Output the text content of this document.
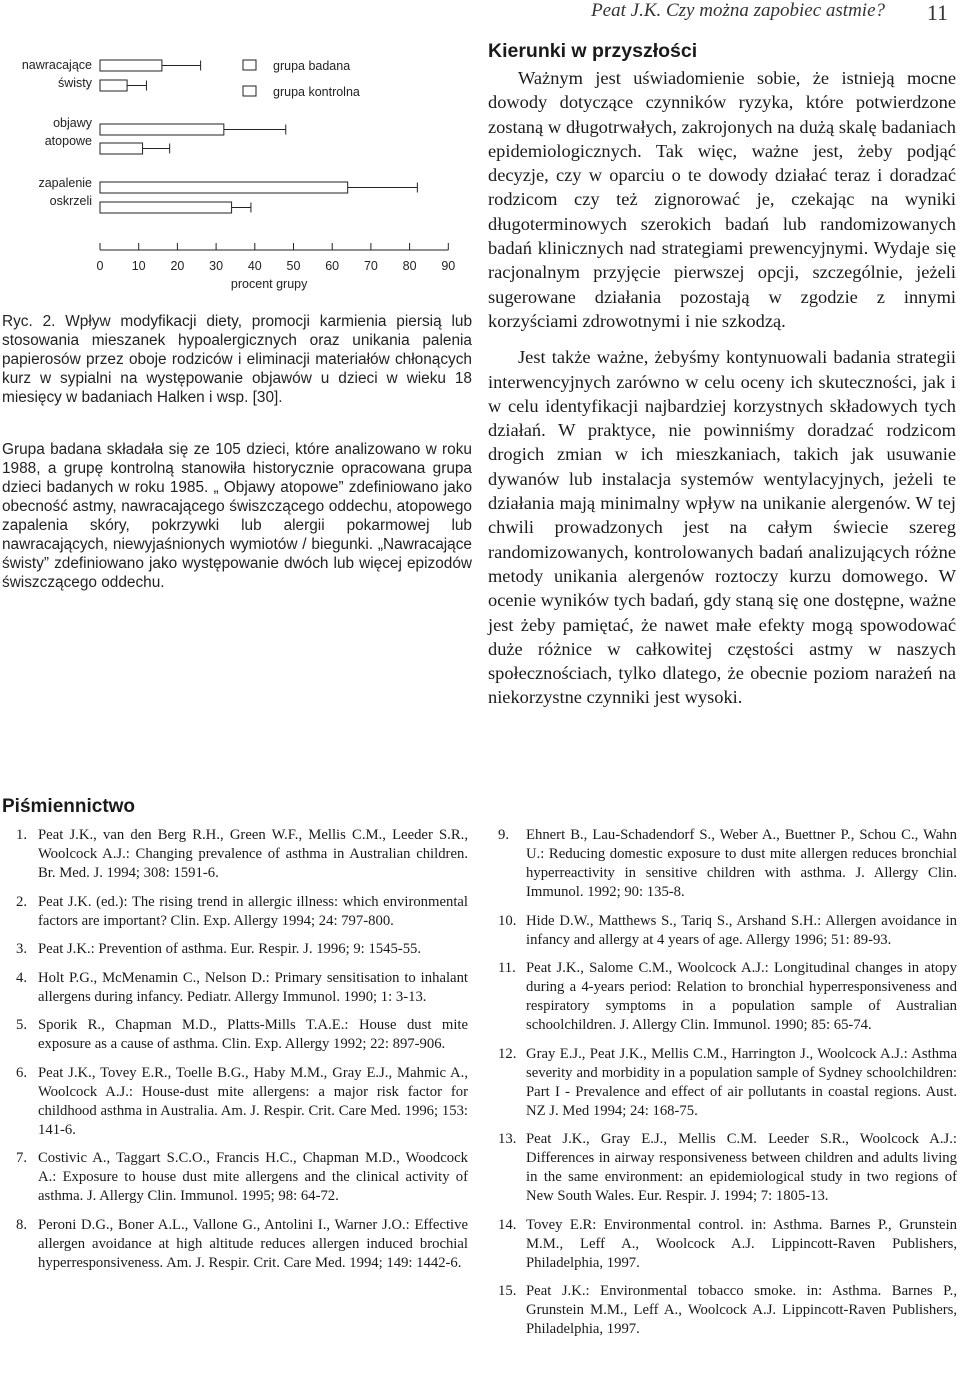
Peat J.K. Czy można zapobiec astmie? 11
0 10 20 30 40 50 60 70 80 90
procent grupy
nawracające świsty
objawy atopowe
zapalenie oskrzeli
grupa badana
grupa kontrolna
Ryc. 2. Wpływ modyfikacji diety, promocji karmienia piersią lub stosowania mieszanek hypoalergicznych oraz unikania palenia papierosów przez oboje rodziców i eliminacji materiałów chłonących kurz w sypialni na występowanie objawów u dzieci w wieku 18 miesięcy w badaniach Halken i wsp. [30].
Grupa badana składała się ze 105 dzieci, które analizowano w roku 1988, a grupę kontrolną stanowiła historycznie opracowana grupa dzieci badanych w roku 1985. „ Objawy atopowe” zdefiniowano jako obecność astmy, nawracającego świszczącego oddechu, atopowego zapalenia skóry, pokrzywki lub alergii pokarmowej lub nawracających, niewyjaśnionych wymiotów / biegunki. „Nawracające świsty” zdefiniowano jako występowanie dwóch lub więcej epizodów świszczącego oddechu.
Kierunki w przyszłości

Ważnym jest uświadomienie sobie, że istnieją mocne dowody dotyczące czynników ryzyka, które potwierdzone zostaną w długotrwałych, zakrojonych na dużą skalę badaniach epidemiologicznych. Tak więc, ważne jest, żeby podjąć decyzje, czy w oparciu o te dowody działać teraz i doradzać rodzicom czy też zignorować je, czekając na wyniki długoterminowych szerokich badań lub randomizowanych badań klinicznych nad strategiami prewencyjnymi. Wydaje się racjonalnym przyjęcie pierwszej opcji, szczególnie, jeżeli sugerowane działania pozostają w zgodzie z innymi korzyściami zdrowotnymi i nie szkodzą.

Jest także ważne, żebyśmy kontynuowali badania strategii interwencyjnych zarówno w celu oceny ich skuteczności, jak i w celu identyfikacji najbardziej korzystnych składowych tych działań. W praktyce, nie powinniśmy doradzać rodzicom drogich zmian w ich mieszkaniach, takich jak usuwanie dywanów lub instalacja systemów wentylacyjnych, jeżeli te działania mają minimalny wpływ na unikanie alergenów. W tej chwili prowadzonych jest na całym świecie szereg randomizowanych, kontrolowanych badań analizujących różne metody unikania alergenów roztoczy kurzu domowego. W ocenie wyników tych badań, gdy staną się one dostępne, ważne jest żeby pamiętać, że nawet małe efekty mogą spowodować duże różnice w całkowitej częstości astmy w naszych społecznościach, tylko dlatego, że obecnie poziom narażeń na niekorzystne czynniki jest wysoki.

Piśmiennictwo
1. Peat J.K., van den Berg R.H., Green W.F., Mellis C.M., Leeder S.R., Woolcock A.J.: Changing prevalence of asthma in Australian children. Br. Med. J. 1994; 308: 1591-6.
2. Peat J.K. (ed.): The rising trend in allergic illness: which environmental factors are important? Clin. Exp. Allergy 1994; 24: 797-800.
3. Peat J.K.: Prevention of asthma. Eur. Respir. J. 1996; 9: 1545-55.
4. Holt P.G., McMenamin C., Nelson D.: Primary sensitisation to inhalant allergens during infancy. Pediatr. Allergy Immunol. 1990; 1: 3-13.
5. Sporik R., Chapman M.D., Platts-Mills T.A.E.: House dust mite exposure as a cause of asthma. Clin. Exp. Allergy 1992; 22: 897-906.
6. Peat J.K., Tovey E.R., Toelle B.G., Haby M.M., Gray E.J., Mahmic A., Woolcock A.J.: House-dust mite allergens: a major risk factor for childhood asthma in Australia. Am. J. Respir. Crit. Care Med. 1996; 153: 141-6.
7. Costivic A., Taggart S.C.O., Francis H.C., Chapman M.D., Woodcock A.: Exposure to house dust mite allergens and the clinical activity of asthma. J. Allergy Clin. Immunol. 1995; 98: 64-72.
8. Peroni D.G., Boner A.L., Vallone G., Antolini I., Warner J.O.: Effective allergen avoidance at high altitude reduces allergen induced brochial hyperresponsiveness. Am. J. Respir. Crit. Care Med. 1994; 149: 1442-6.
9. Ehnert B., Lau-Schadendorf S., Weber A., Buettner P., Schou C., Wahn U.: Reducing domestic exposure to dust mite allergen reduces bronchial hyperreactivity in sensitive children with asthma. J. Allergy Clin. Immunol. 1992; 90: 135-8.
10. Hide D.W., Matthews S., Tariq S., Arshand S.H.: Allergen avoidance in infancy and allergy at 4 years of age. Allergy 1996; 51: 89-93.
11. Peat J.K., Salome C.M., Woolcock A.J.: Longitudinal changes in atopy during a 4-years period: Relation to bronchial hyperresponsiveness and respiratory symptoms in a population sample of Australian schoolchildren. J. Allergy Clin. Immunol. 1990; 85: 65-74.
12. Gray E.J., Peat J.K., Mellis C.M., Harrington J., Woolcock A.J.: Asthma severity and morbidity in a population sample of Sydney schoolchildren: Part I - Prevalence and effect of air pollutants in coastal regions. Aust. NZ J. Med 1994; 24: 168-75.
13. Peat J.K., Gray E.J., Mellis C.M. Leeder S.R., Woolcock A.J.: Differences in airway responsiveness between children and adults living in the same environment: an epidemiological study in two regions of New South Wales. Eur. Respir. J. 1994; 7: 1805-13.
14. Tovey E.R: Environmental control. in: Asthma. Barnes P., Grunstein M.M., Leff A., Woolcock A.J. Lippincott-Raven Publishers, Philadelphia, 1997.
15. Peat J.K.: Environmental tobacco smoke. in: Asthma. Barnes P., Grunstein M.M., Leff A., Woolcock A.J. Lippincott-Raven Publishers, Philadelphia, 1997.
